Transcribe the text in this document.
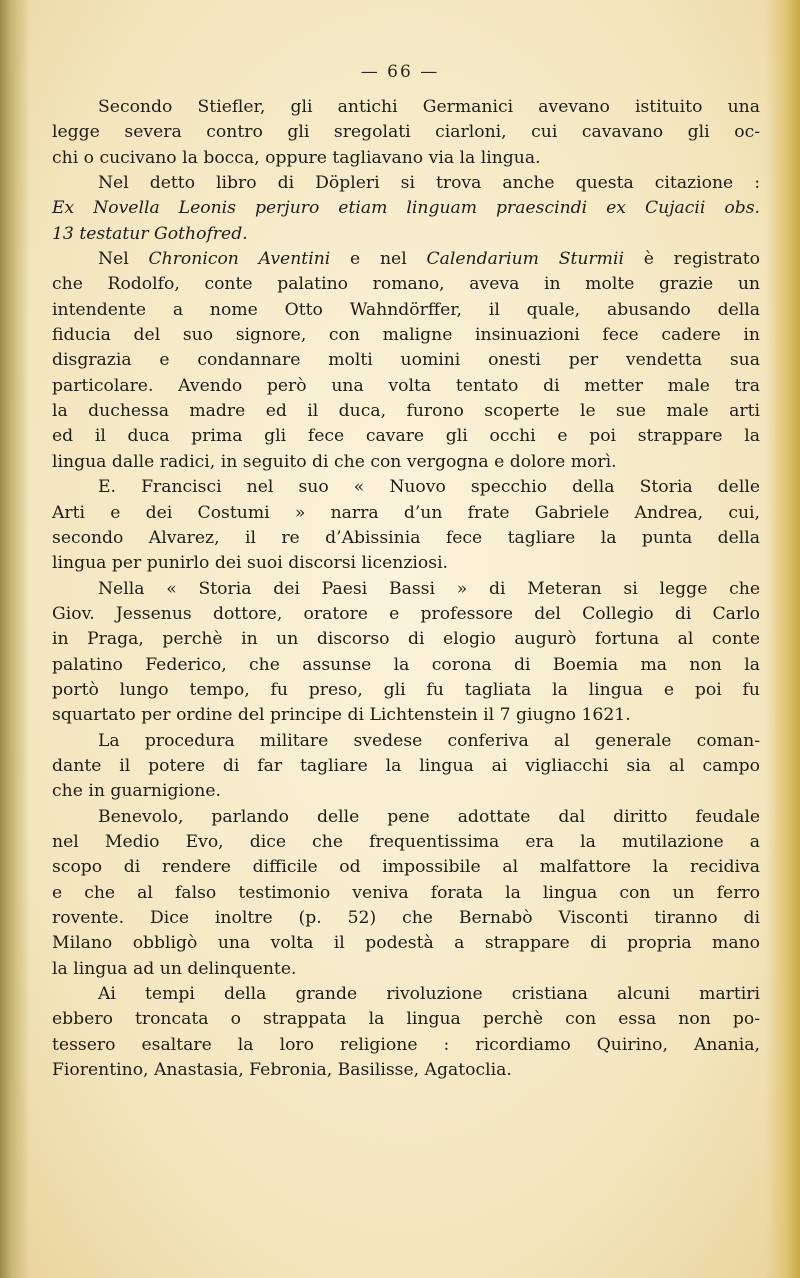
— 66 —
Secondo Stiefler, gli antichi Germanici avevano istituito una
legge severa contro gli sregolati ciarloni, cui cavavano gli oc-
chi o cucivano la bocca, oppure tagliavano via la lingua.
Nel detto libro di Döpleri si trova anche questa citazione :
Ex Novella Leonis perjuro etiam linguam praescindi ex Cujacii obs.
13 testatur Gothofred.
Nel Chronicon Aventini e nel Calendarium Sturmii è registrato
che Rodolfo, conte palatino romano, aveva in molte grazie un
intendente a nome Otto Wahndörffer, il quale, abusando della
fiducia del suo signore, con maligne insinuazioni fece cadere in
disgrazia e condannare molti uomini onesti per vendetta sua
particolare. Avendo però una volta tentato di metter male tra
la duchessa madre ed il duca, furono scoperte le sue male arti
ed il duca prima gli fece cavare gli occhi e poi strappare la
lingua dalle radici, in seguito di che con vergogna e dolore morì.
E. Francisci nel suo « Nuovo specchio della Storia delle
Arti e dei Costumi » narra d’un frate Gabriele Andrea, cui,
secondo Alvarez, il re d’Abissinia fece tagliare la punta della
lingua per punirlo dei suoi discorsi licenziosi.
Nella « Storia dei Paesi Bassi » di Meteran si legge che
Giov. Jessenus dottore, oratore e professore del Collegio di Carlo
in Praga, perchè in un discorso di elogio augurò fortuna al conte
palatino Federico, che assunse la corona di Boemia ma non la
portò lungo tempo, fu preso, gli fu tagliata la lingua e poi fu
squartato per ordine del principe di Lichtenstein il 7 giugno 1621.
La procedura militare svedese conferiva al generale coman-
dante il potere di far tagliare la lingua ai vigliacchi sia al campo
che in guarnigione.
Benevolo, parlando delle pene adottate dal diritto feudale
nel Medio Evo, dice che frequentissima era la mutilazione a
scopo di rendere difficile od impossibile al malfattore la recidiva
e che al falso testimonio veniva forata la lingua con un ferro
rovente. Dice inoltre (p. 52) che Bernabò Visconti tiranno di
Milano obbligò una volta il podestà a strappare di propria mano
la lingua ad un delinquente.
Ai tempi della grande rivoluzione cristiana alcuni martiri
ebbero troncata o strappata la lingua perchè con essa non po-
tessero esaltare la loro religione : ricordiamo Quirino, Anania,
Fiorentino, Anastasia, Febronia, Basilisse, Agatoclia.
